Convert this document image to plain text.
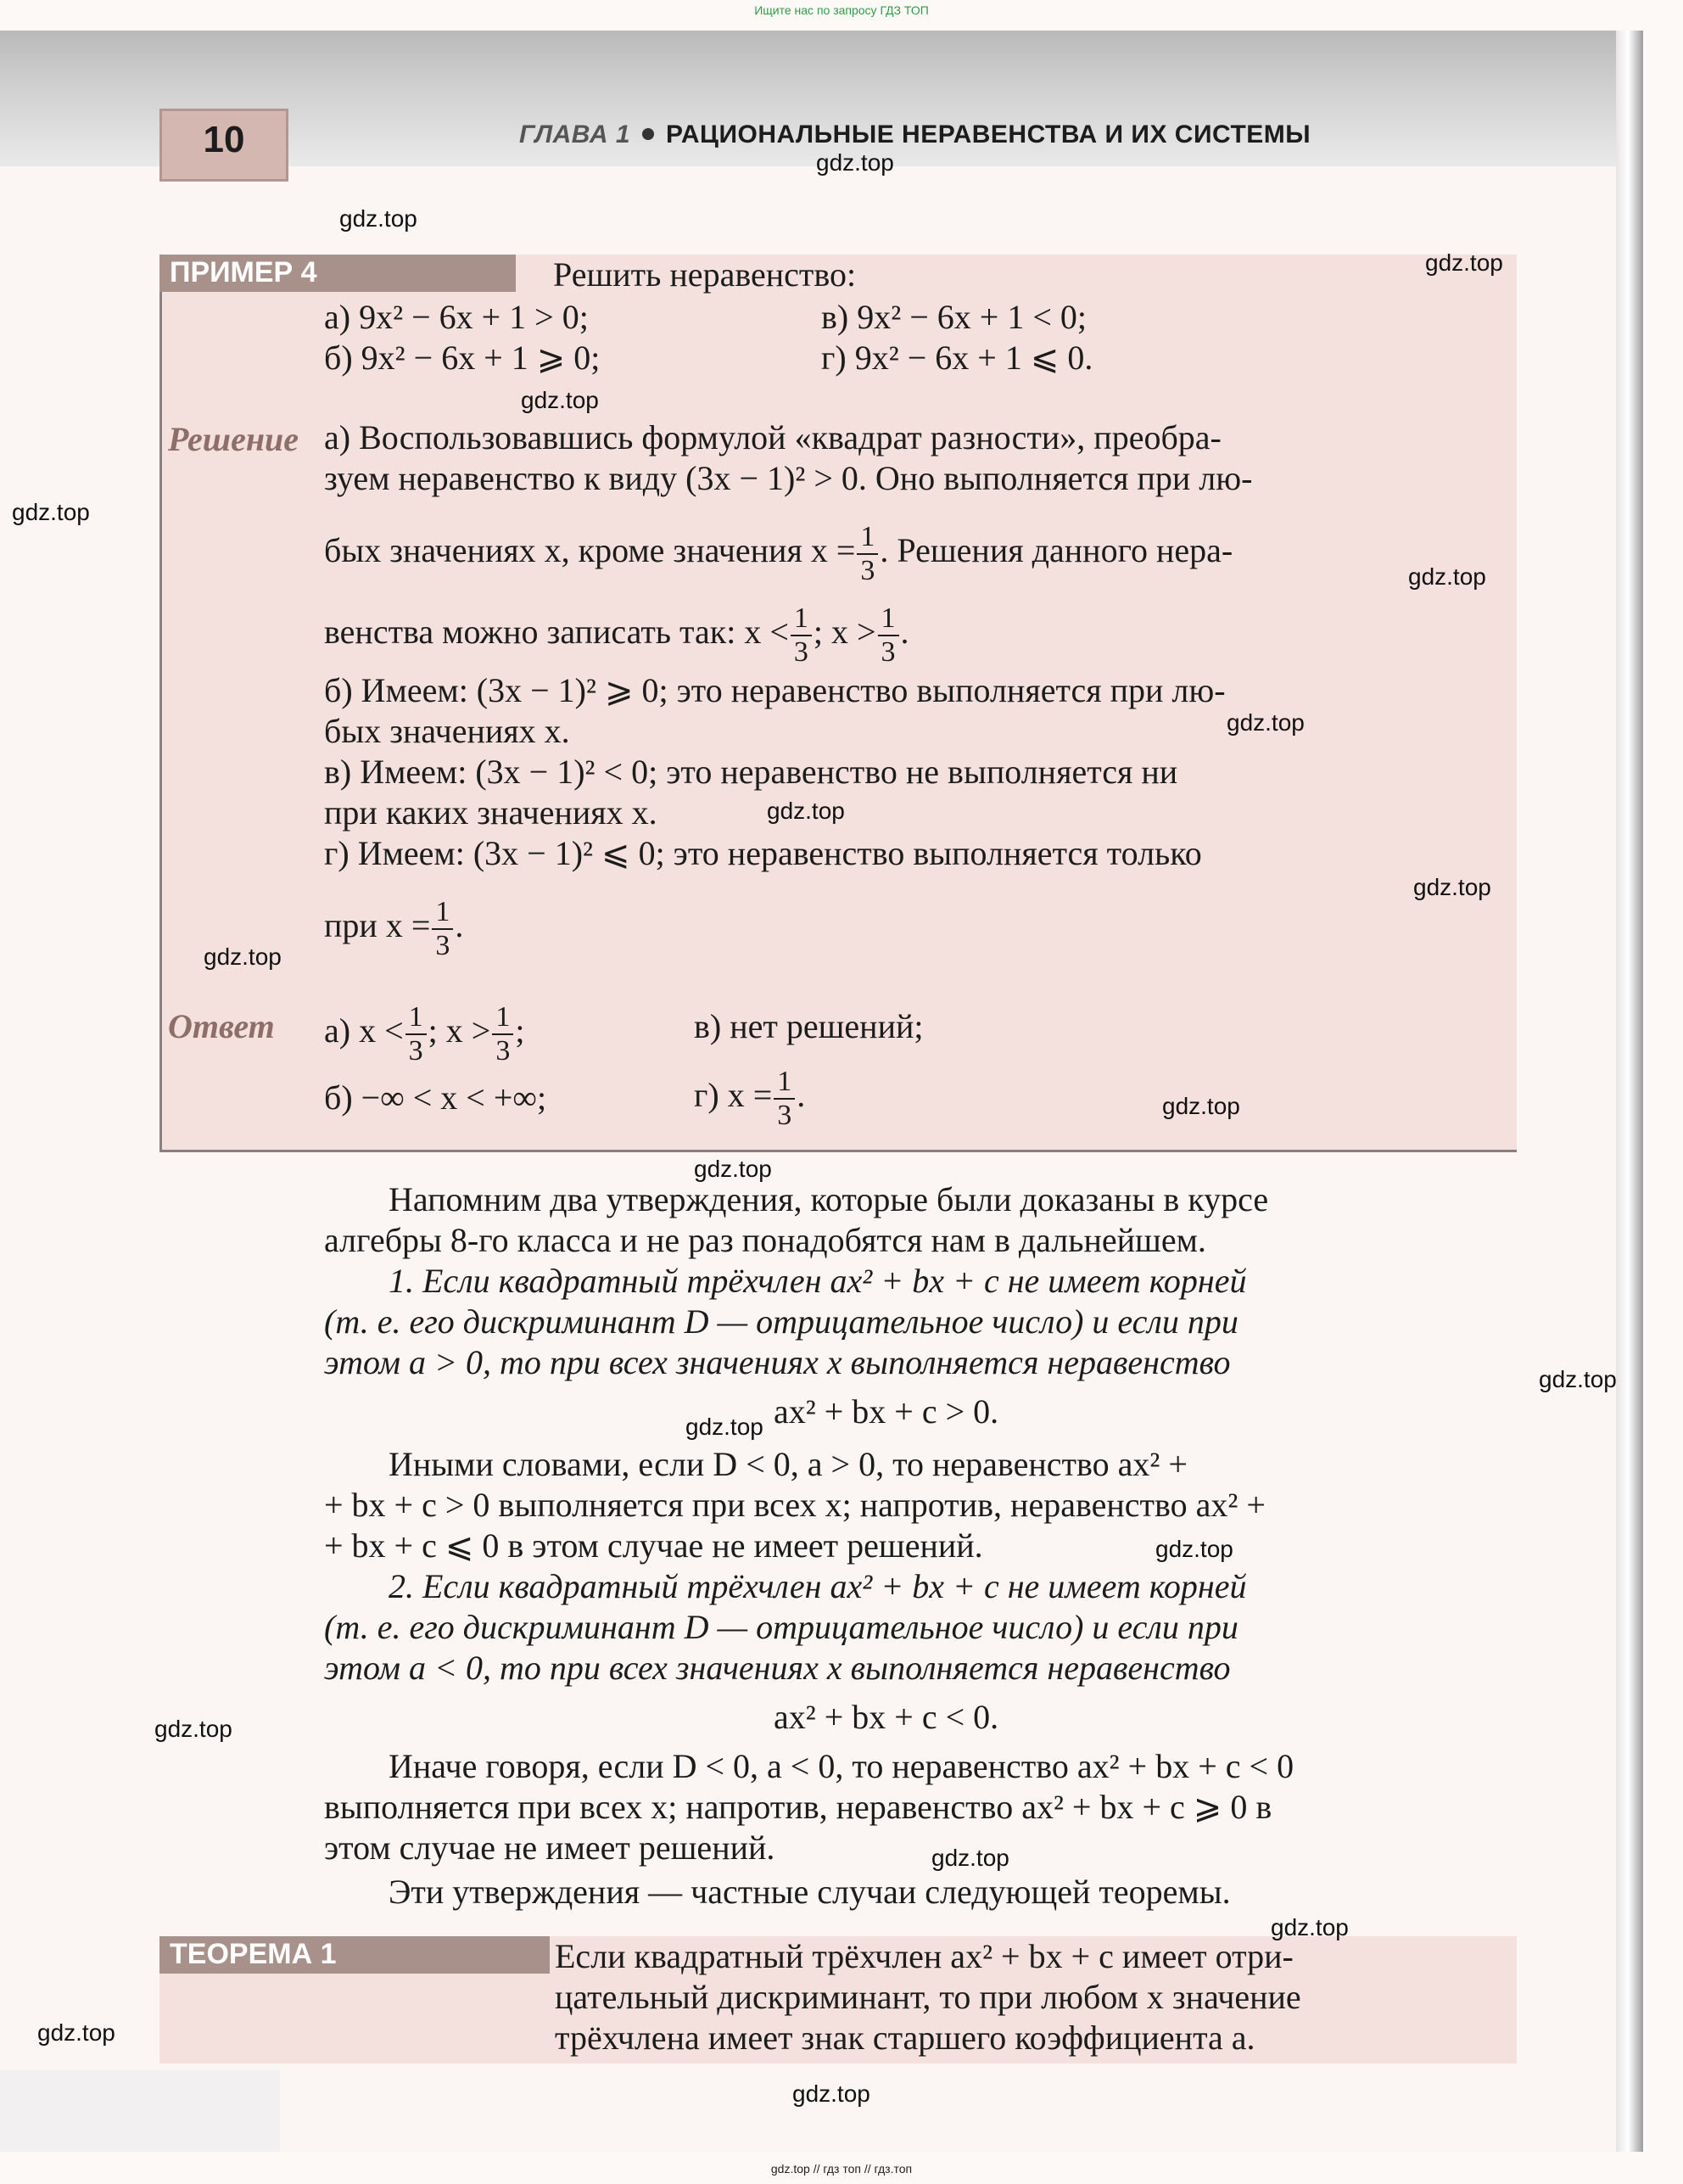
Ищите нас по запросу ГДЗ ТОП
10	ГЛАВА 1 РАЦИОНАЛЬНЫЕ НЕРАВЕНСТВА И ИХ СИСТЕМЫ
ПРИМЕР 4	Решить неравенство:
а) 9x² − 6x + 1 > 0;	в) 9x² − 6x + 1 < 0;
б) 9x² − 6x + 1 ⩾ 0;	г) 9x² − 6x + 1 ⩽ 0.
Решение а) Воспользовавшись формулой «квадрат разности», преобра-
зуем неравенство к виду (3x − 1)² > 0. Оно выполняется при лю-
бых значениях x, кроме значения $x = \frac{1}{3}$ . Решения данного нера-
венства можно записать так: $x < \frac{1}{3}$ ; $x > \frac{1}{3}$ .
б) Имеем: (3x − 1)² ⩾ 0; это неравенство выполняется при лю-
бых значениях x.
в) Имеем: (3x − 1)² < 0; это неравенство не выполняется ни
при каких значениях x.
г) Имеем: (3x − 1)² ⩽ 0; это неравенство выполняется только
при $x = \frac{1}{3}$ .
Ответ а) $x < \frac{1}{3}$ ; $x > \frac{1}{3}$ ;	в) нет решений;
б) −∞ < x < +∞;	г) $x = \frac{1}{3}$ .
Напомним два утверждения, которые были доказаны в курсе
алгебры 8-го класса и не раз понадобятся нам в дальнейшем.
1. Если квадратный трёхчлен ax² + bx + c не имеет корней
(т. е. его дискриминант D — отрицательное число) и если при
этом a > 0, то при всех значениях x выполняется неравенство
ax² + bx + c > 0.
Иными словами, если D < 0, a > 0, то неравенство ax² +
+ bx + c > 0 выполняется при всех x; напротив, неравенство ax² +
+ bx + c ⩽ 0 в этом случае не имеет решений.
2. Если квадратный трёхчлен ax² + bx + c не имеет корней
(т. е. его дискриминант D — отрицательное число) и если при
этом a < 0, то при всех значениях x выполняется неравенство
ax² + bx + c < 0.
Иначе говоря, если D < 0, a < 0, то неравенство ax² + bx + c < 0
выполняется при всех x; напротив, неравенство ax² + bx + c ⩾ 0 в
этом случае не имеет решений.
Эти утверждения — частные случаи следующей теоремы.
ТЕОРЕМА 1	Если квадратный трёхчлен ax² + bx + c имеет отри-
цательный дискриминант, то при любом x значение
трёхчлена имеет знак старшего коэффициента a.
gdz.top
gdz.top
gdz.top
gdz.top
gdz.top
gdz.top
gdz.top
gdz.top
gdz.top
gdz.top
gdz.top
gdz.top
gdz.top
gdz.top
gdz.top
gdz.top
gdz.top
gdz.top
gdz.top
gdz.top
gdz.top // гдз топ // гдз.топ
